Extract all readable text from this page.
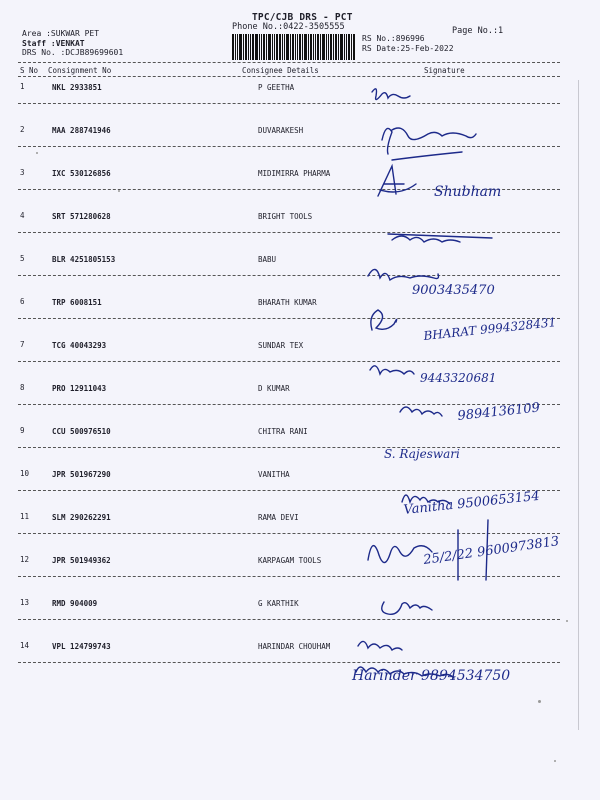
TPC/CJB DRS - PCT
Phone No.:0422-3505555	Page No.:1
Area :SUKWAR PET
Staff :VENKAT
DRS No. :DCJB89699601
RS No.:896996
RS Date:25-Feb-2022
S No Consignment No	Consignee Details	Signature
1	NKL 2933851	P GEETHA
2	MAA 288741946	DUVARAKESH
3	IXC 530126856	MIDIMIRRA PHARMA
4	SRT 571280628	BRIGHT TOOLS
5	BLR 4251805153	BABU
6	TRP 6008151	BHARATH KUMAR
7	TCG 40043293	SUNDAR TEX
8	PRO 12911043	D KUMAR
9	CCU 500976510	CHITRA RANI
10	JPR 501967290	VANITHA
11	SLM 290262291	RAMA DEVI
12	JPR 501949362	KARPAGAM TOOLS
13	RMD 904009	G KARTHIK
14	VPL 124799743	HARINDAR CHOUHAM
Shubham
9003435470
BHARAT 9994328431
9443320681
9894136109
S. Rajeswari
Vanitha 9500653154
25/2/22 9600973813
Harinder 9894534750
